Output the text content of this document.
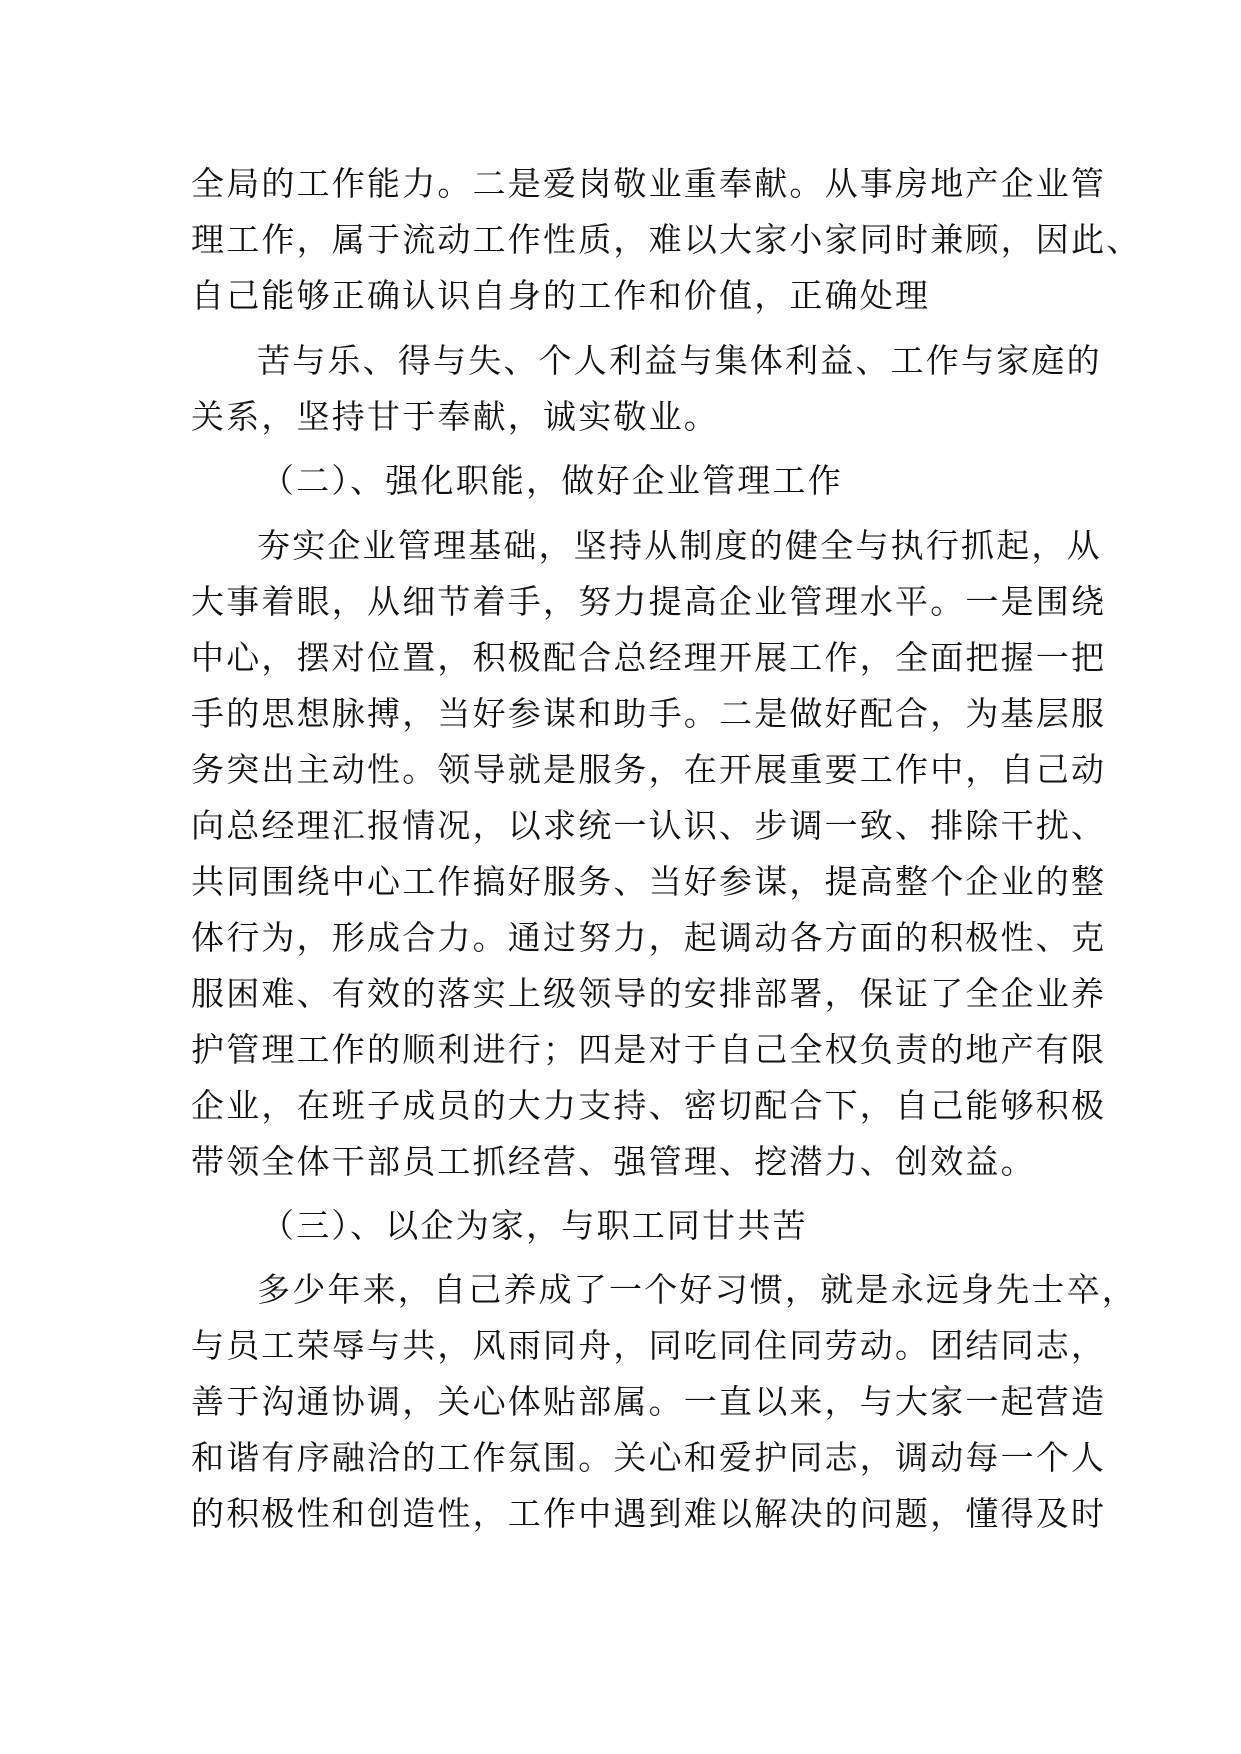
全局的工作能力。二是爱岗敬业重奉献。从事房地产企业管
理工作，属于流动工作性质，难以大家小家同时兼顾，因此、
自己能够正确认识自身的工作和价值，正确处理
苦与乐、得与失、个人利益与集体利益、工作与家庭的
关系，坚持甘于奉献，诚实敬业。
（二）、强化职能，做好企业管理工作
夯实企业管理基础，坚持从制度的健全与执行抓起，从
大事着眼，从细节着手，努力提高企业管理水平。一是围绕
中心，摆对位置，积极配合总经理开展工作，全面把握一把
手的思想脉搏，当好参谋和助手。二是做好配合，为基层服
务突出主动性。领导就是服务，在开展重要工作中，自己动
向总经理汇报情况，以求统一认识、步调一致、排除干扰、
共同围绕中心工作搞好服务、当好参谋，提高整个企业的整
体行为，形成合力。通过努力，起调动各方面的积极性、克
服困难、有效的落实上级领导的安排部署，保证了全企业养
护管理工作的顺利进行；四是对于自己全权负责的地产有限
企业，在班子成员的大力支持、密切配合下，自己能够积极
带领全体干部员工抓经营、强管理、挖潜力、创效益。
（三）、以企为家，与职工同甘共苦
多少年来，自己养成了一个好习惯，就是永远身先士卒，
与员工荣辱与共，风雨同舟，同吃同住同劳动。团结同志，
善于沟通协调，关心体贴部属。一直以来，与大家一起营造
和谐有序融洽的工作氛围。关心和爱护同志，调动每一个人
的积极性和创造性，工作中遇到难以解决的问题，懂得及时
